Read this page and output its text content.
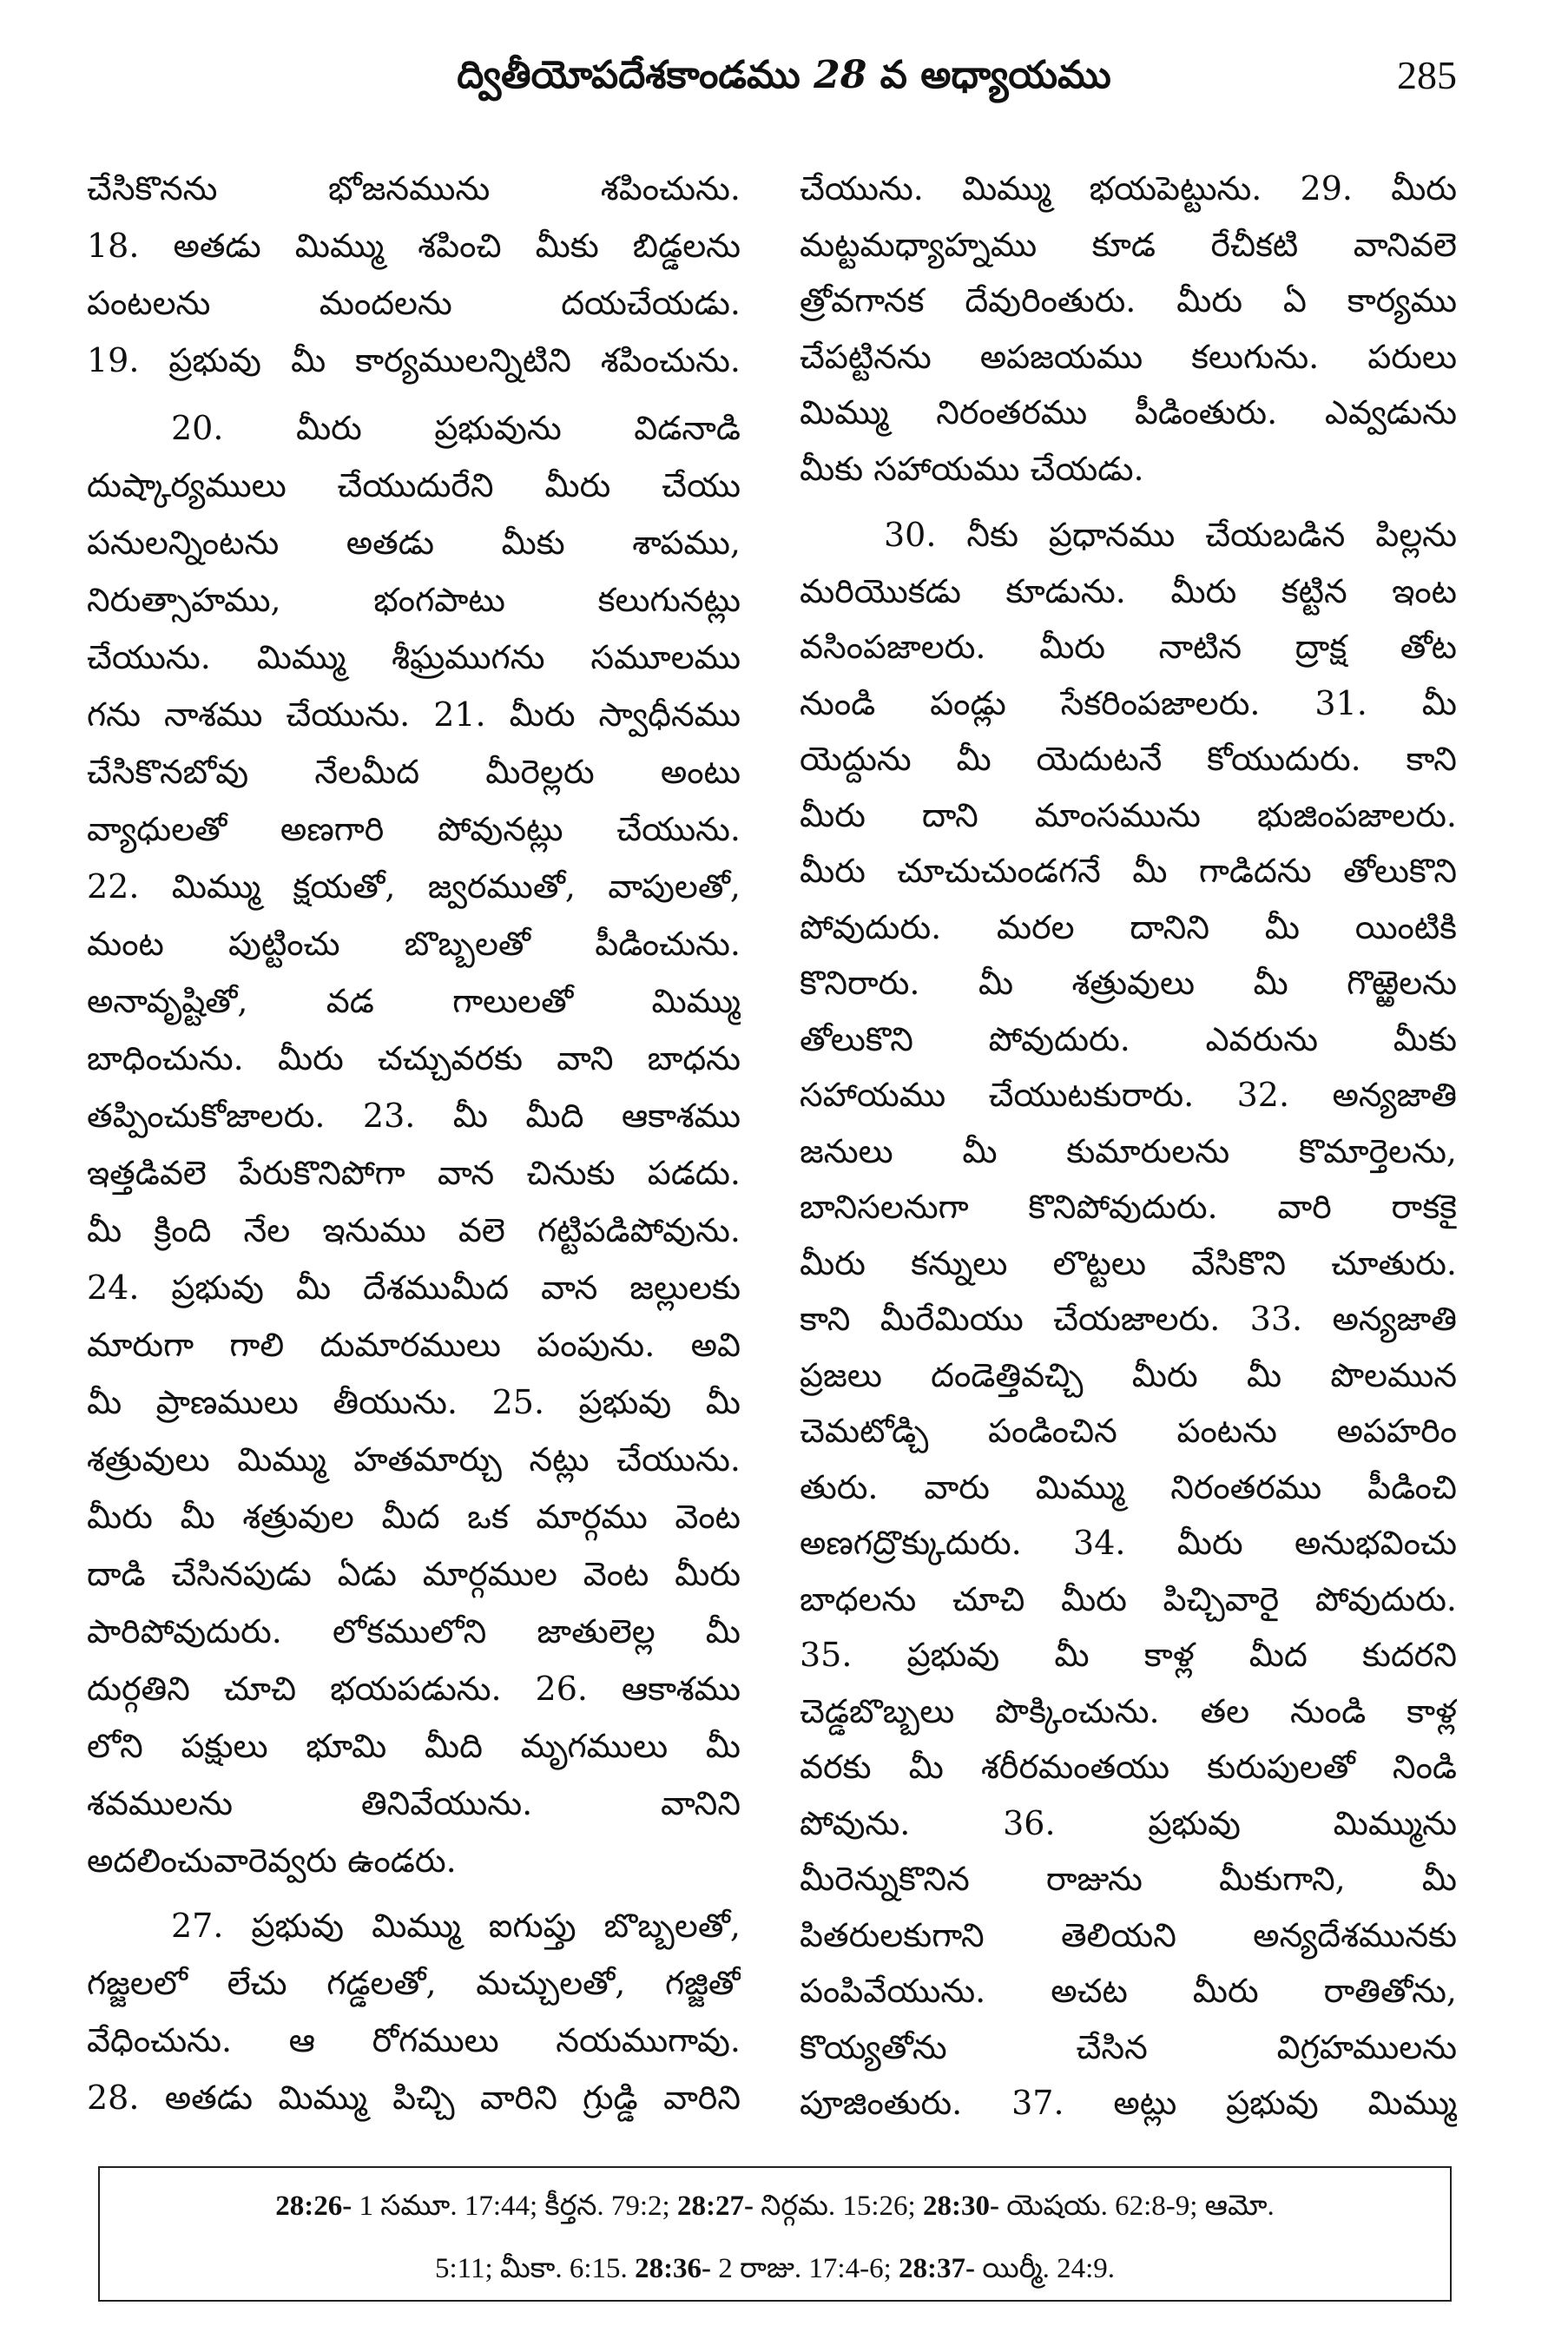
ద్వితీయోపదేశకాండము 28 వ అధ్యాయము	285
చేసికొనను భోజనమును శపించును.
18. అతడు మిమ్ము శపించి మీకు బిడ్డలను
పంటలను మందలను దయచేయడు.
19. ప్రభువు మీ కార్యములన్నిటిని శపించును.
20. మీరు ప్రభువును విడనాడి
దుష్కార్యములు చేయుదురేని మీరు చేయు
పనులన్నింటను అతడు మీకు శాపము,
నిరుత్సాహము, భంగపాటు కలుగునట్లు
చేయును. మిమ్ము శీఘ్రముగను సమూలము
గను నాశము చేయును. 21. మీరు స్వాధీనము
చేసికొనబోవు నేలమీద మీరెల్లరు అంటు
వ్యాధులతో అణగారి పోవునట్లు చేయును.
22. మిమ్ము క్షయతో, జ్వరముతో, వాపులతో,
మంట పుట్టించు బొబ్బలతో పీడించును.
అనావృష్టితో, వడ గాలులతో మిమ్ము
బాధించును. మీరు చచ్చువరకు వాని బాధను
తప్పించుకోజాలరు. 23. మీ మీది ఆకాశము
ఇత్తడివలె పేరుకొనిపోగా వాన చినుకు పడదు.
మీ క్రింది నేల ఇనుము వలె గట్టిపడిపోవును.
24. ప్రభువు మీ దేశముమీద వాన జల్లులకు
మారుగా గాలి దుమారములు పంపును. అవి
మీ ప్రాణములు తీయును. 25. ప్రభువు మీ
శత్రువులు మిమ్ము హతమార్చు నట్లు చేయును.
మీరు మీ శత్రువుల మీద ఒక మార్గము వెంట
దాడి చేసినపుడు ఏడు మార్గముల వెంట మీరు
పారిపోవుదురు. లోకములోని జాతులెల్ల మీ
దుర్గతిని చూచి భయపడును. 26. ఆకాశము
లోని పక్షులు భూమి మీది మృగములు మీ
శవములను తినివేయును. వానిని
అదలించువారెవ్వరు ఉండరు.
27. ప్రభువు మిమ్ము ఐగుప్తు బొబ్బలతో,
గజ్జలలో లేచు గడ్డలతో, మచ్చులతో, గజ్జితో
వేధించును. ఆ రోగములు నయముగావు.
28. అతడు మిమ్ము పిచ్చి వారిని గ్రుడ్డి వారిని
చేయును. మిమ్ము భయపెట్టును. 29. మీరు
మట్టమధ్యాహ్నము కూడ రేచీకటి వానివలె
త్రోవగానక దేవురింతురు. మీరు ఏ కార్యము
చేపట్టినను అపజయము కలుగును. పరులు
మిమ్ము నిరంతరము పీడింతురు. ఎవ్వడును
మీకు సహాయము చేయడు.
30. నీకు ప్రధానము చేయబడిన పిల్లను
మరియొకడు కూడును. మీరు కట్టిన ఇంట
వసింపజాలరు. మీరు నాటిన ద్రాక్ష తోట
నుండి పండ్లు సేకరింపజాలరు. 31. మీ
యెద్దును మీ యెదుటనే కోయుదురు. కాని
మీరు దాని మాంసమును భుజింపజాలరు.
మీరు చూచుచుండగనే మీ గాడిదను తోలుకొని
పోవుదురు. మరల దానిని మీ యింటికి
కొనిరారు. మీ శత్రువులు మీ గొఱ్ఱెలను
తోలుకొని పోవుదురు. ఎవరును మీకు
సహాయము చేయుటకురారు. 32. అన్యజాతి
జనులు మీ కుమారులను కొమార్తెలను,
బానిసలనుగా కొనిపోవుదురు. వారి రాకకై
మీరు కన్నులు లొట్టలు వేసికొని చూతురు.
కాని మీరేమియు చేయజాలరు. 33. అన్యజాతి
ప్రజలు దండెత్తివచ్చి మీరు మీ పొలమున
చెమటోడ్చి పండించిన పంటను అపహరిం
తురు. వారు మిమ్ము నిరంతరము పీడించి
అణగద్రొక్కుదురు. 34. మీరు అనుభవించు
బాధలను చూచి మీరు పిచ్చివారై పోవుదురు.
35. ప్రభువు మీ కాళ్ల మీద కుదరని
చెడ్డబొబ్బలు పొక్కించును. తల నుండి కాళ్ల
వరకు మీ శరీరమంతయు కురుపులతో నిండి
పోవును. 36. ప్రభువు మిమ్మును
మీరెన్నుకొనిన రాజును మీకుగాని, మీ
పితరులకుగాని తెలియని అన్యదేశమునకు
పంపివేయును. అచట మీరు రాతితోను,
కొయ్యతోను చేసిన విగ్రహములను
పూజింతురు. 37. అట్లు ప్రభువు మిమ్ము
28:26- 1 సమూ. 17:44; కీర్తన. 79:2; 28:27- నిర్గమ. 15:26; 28:30- యెషయ. 62:8-9; ఆమో.
5:11; మీకా. 6:15. 28:36- 2 రాజు. 17:4-6; 28:37- యిర్మీ. 24:9.
